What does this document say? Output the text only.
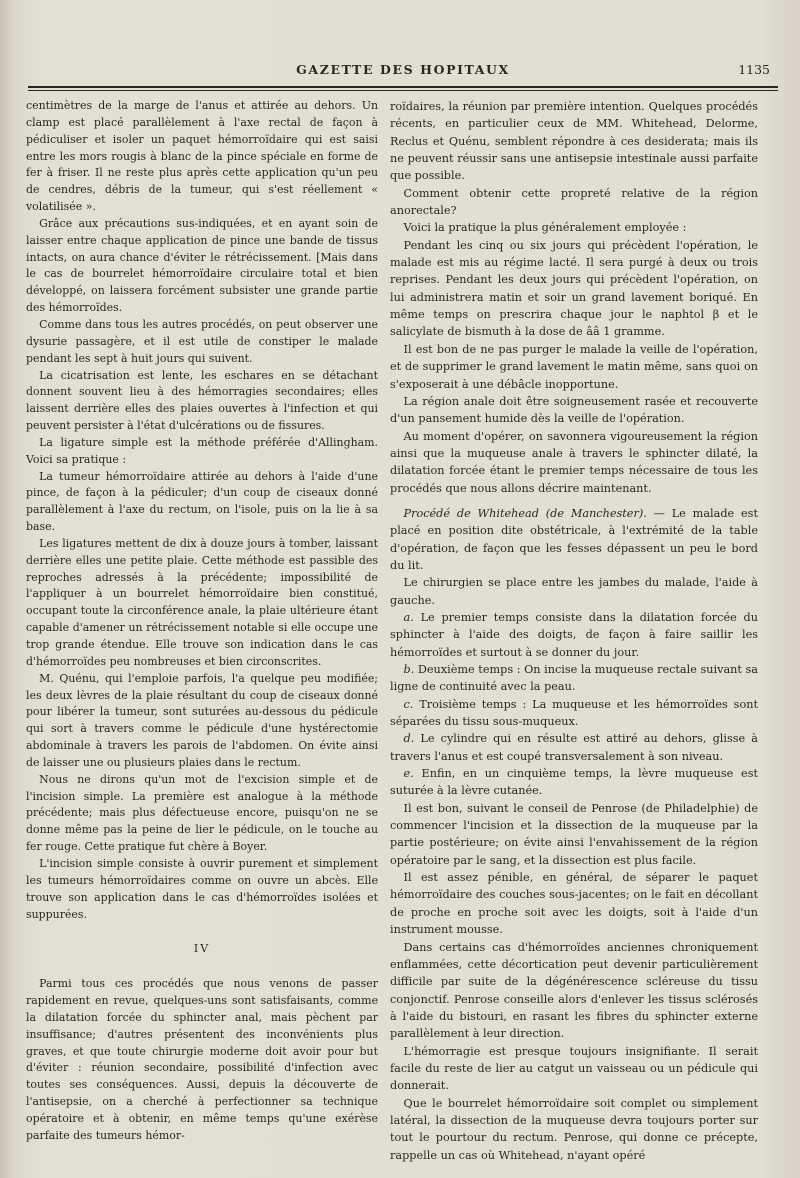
GAZETTE DES HOPITAUX	1135

centimètres de la marge de l'anus et attirée au dehors. Un clamp est placé parallèlement à l'axe rectal de façon à pédiculiser et isoler un paquet hémorroïdaire qui est saisi entre les mors rougis à blanc de la pince spéciale en forme de fer à friser. Il ne reste plus après cette application qu'un peu de cendres, débris de la tumeur, qui s'est réellement « volatilisée ».

Grâce aux précautions sus-indiquées, et en ayant soin de laisser entre chaque application de pince une bande de tissus intacts, on aura chance d'éviter le rétrécissement. [Mais dans le cas de bourrelet hémorroïdaire circulaire total et bien développé, on laissera forcément subsister une grande partie des hémorroïdes.

Comme dans tous les autres procédés, on peut observer une dysurie passagère, et il est utile de constiper le malade pendant les sept à huit jours qui suivent.

La cicatrisation est lente, les eschares en se détachant donnent souvent lieu à des hémorragies secondaires; elles laissent derrière elles des plaies ouvertes à l'infection et qui peuvent persister à l'état d'ulcérations ou de fissures.

La ligature simple est la méthode préférée d'Allingham. Voici sa pratique :

La tumeur hémorroïdaire attirée au dehors à l'aide d'une pince, de façon à la pédiculer; d'un coup de ciseaux donné parallèlement à l'axe du rectum, on l'isole, puis on la lie à sa base.

Les ligatures mettent de dix à douze jours à tomber, laissant derrière elles une petite plaie. Cette méthode est passible des reproches adressés à la précédente; impossibilité de l'appliquer à un bourrelet hémorroïdaire bien constitué, occupant toute la circonférence anale, la plaie ultérieure étant capable d'amener un rétrécissement notable si elle occupe une trop grande étendue. Elle trouve son indication dans le cas d'hémorroïdes peu nombreuses et bien circonscrites.

M. Quénu, qui l'emploie parfois, l'a quelque peu modifiée; les deux lèvres de la plaie résultant du coup de ciseaux donné pour libérer la tumeur, sont suturées au-dessous du pédicule qui sort à travers comme le pédicule d'une hystérectomie abdominale à travers les parois de l'abdomen. On évite ainsi de laisser une ou plusieurs plaies dans le rectum.

Nous ne dirons qu'un mot de l'excision simple et de l'incision simple. La première est analogue à la méthode précédente; mais plus défectueuse encore, puisqu'on ne se donne même pas la peine de lier le pédicule, on le touche au fer rouge. Cette pratique fut chère à Boyer.

L'incision simple consiste à ouvrir purement et simplement les tumeurs hémorroïdaires comme on ouvre un abcès. Elle trouve son application dans le cas d'hémorroïdes isolées et suppurées.

IV

Parmi tous ces procédés que nous venons de passer rapidement en revue, quelques-uns sont satisfaisants, comme la dilatation forcée du sphincter anal, mais pèchent par insuffisance; d'autres présentent des inconvénients plus graves, et que toute chirurgie moderne doit avoir pour but d'éviter : réunion secondaire, possibilité d'infection avec toutes ses conséquences. Aussi, depuis la découverte de l'antisepsie, on a cherché à perfectionner sa technique opératoire et à obtenir, en même temps qu'une exérèse parfaite des tumeurs hémor-

roïdaires, la réunion par première intention. Quelques procédés récents, en particulier ceux de MM. Whitehead, Delorme, Reclus et Quénu, semblent répondre à ces desiderata; mais ils ne peuvent réussir sans une antisepsie intestinale aussi parfaite que possible.

Comment obtenir cette propreté relative de la région anorectale?

Voici la pratique la plus généralement employée :

Pendant les cinq ou six jours qui précèdent l'opération, le malade est mis au régime lacté. Il sera purgé à deux ou trois reprises. Pendant les deux jours qui précèdent l'opération, on lui administrera matin et soir un grand lavement boriqué. En même temps on prescrira chaque jour le naphtol β et le salicylate de bismuth à la dose de ââ 1 gramme.

Il est bon de ne pas purger le malade la veille de l'opération, et de supprimer le grand lavement le matin même, sans quoi on s'exposerait à une débâcle inopportune.

La région anale doit être soigneusement rasée et recouverte d'un pansement humide dès la veille de l'opération.

Au moment d'opérer, on savonnera vigoureusement la région ainsi que la muqueuse anale à travers le sphincter dilaté, la dilatation forcée étant le premier temps nécessaire de tous les procédés que nous allons décrire maintenant.

Procédé de Whitehead (de Manchester). — Le malade est placé en position dite obstétricale, à l'extrémité de la table d'opération, de façon que les fesses dépassent un peu le bord du lit.

Le chirurgien se place entre les jambes du malade, l'aide à gauche.

a. Le premier temps consiste dans la dilatation forcée du sphincter à l'aide des doigts, de façon à faire saillir les hémorroïdes et surtout à se donner du jour.

b. Deuxième temps : On incise la muqueuse rectale suivant sa ligne de continuité avec la peau.

c. Troisième temps : La muqueuse et les hémorroïdes sont séparées du tissu sous-muqueux.

d. Le cylindre qui en résulte est attiré au dehors, glisse à travers l'anus et est coupé transversalement à son niveau.

e. Enfin, en un cinquième temps, la lèvre muqueuse est suturée à la lèvre cutanée.

Il est bon, suivant le conseil de Penrose (de Philadelphie) de commencer l'incision et la dissection de la muqueuse par la partie postérieure; on évite ainsi l'envahissement de la région opératoire par le sang, et la dissection est plus facile.

Il est assez pénible, en général, de séparer le paquet hémorroïdaire des couches sous-jacentes; on le fait en décollant de proche en proche soit avec les doigts, soit à l'aide d'un instrument mousse.

Dans certains cas d'hémorroïdes anciennes chroniquement enflammées, cette décortication peut devenir particulièrement difficile par suite de la dégénérescence scléreuse du tissu conjonctif. Penrose conseille alors d'enlever les tissus sclérosés à l'aide du bistouri, en rasant les fibres du sphincter externe parallèlement à leur direction.

L'hémorragie est presque toujours insignifiante. Il serait facile du reste de lier au catgut un vaisseau ou un pédicule qui donnerait.

Que le bourrelet hémorroïdaire soit complet ou simplement latéral, la dissection de la muqueuse devra toujours porter sur tout le pourtour du rectum. Penrose, qui donne ce précepte, rappelle un cas où Whitehead, n'ayant opéré
